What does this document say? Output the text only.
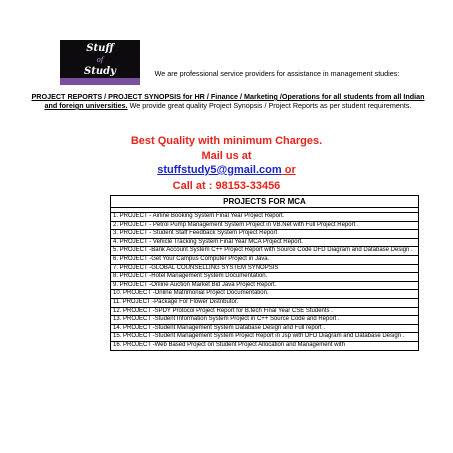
Stuff
of
Study	We are professional service providers for assistance in management studies:
PROJECT REPORTS / PROJECT SYNOPSIS for HR / Finance / Marketing /Operations for all students from all Indian and foreign universities. We provide great quality Project Synopsis / Project Reports as per student requirements.
Best Quality with minimum Charges.
Mail us at
stuffstudy5@gmail.com or
Call at : 98153-33456
PROJECTS FOR MCA

1. PROJECT - Airline Booking System Final Year Project Report.
2. PROJECT - Petrol Pump Management System Project in VB.Net with Full Project Report .
3. PROJECT - Student Staff Feedback System Project Report
4. PROJECT - Vehicle Tracking System Final Year MCA Project Report.
5. PROJECT -Bank Account System C++ Project Report with Source Code DFD Diagram and Database Design .
6. PROJECT -Get Your Campus Computer Project in Java.
7. PROJECT -GLOBAL COUNSELLING SYSTEM SYNOPSIS
8. PROJECT -Hotel Management System Documentation.
9. PROJECT -Online Auction Market Bid Java Project Report.
10. PROJECT -Online Matrimonial Project Documentation.
11. PROJECT -Package For Flower Distributor.
12. PROJECT -SPDY Protocol Project Report for B.tech Final Year CSE Students .
13. PROJECT -Student Information System Project in C++ Source Code and Report .
14. PROJECT -Student Management System Database Design and Full report .
15. PROJECT -Student Management System Project Report in Jsp with DFD Diagram and Database Design .
16. PROJECT -Web Based Project on Student Project Allocation and Management with
